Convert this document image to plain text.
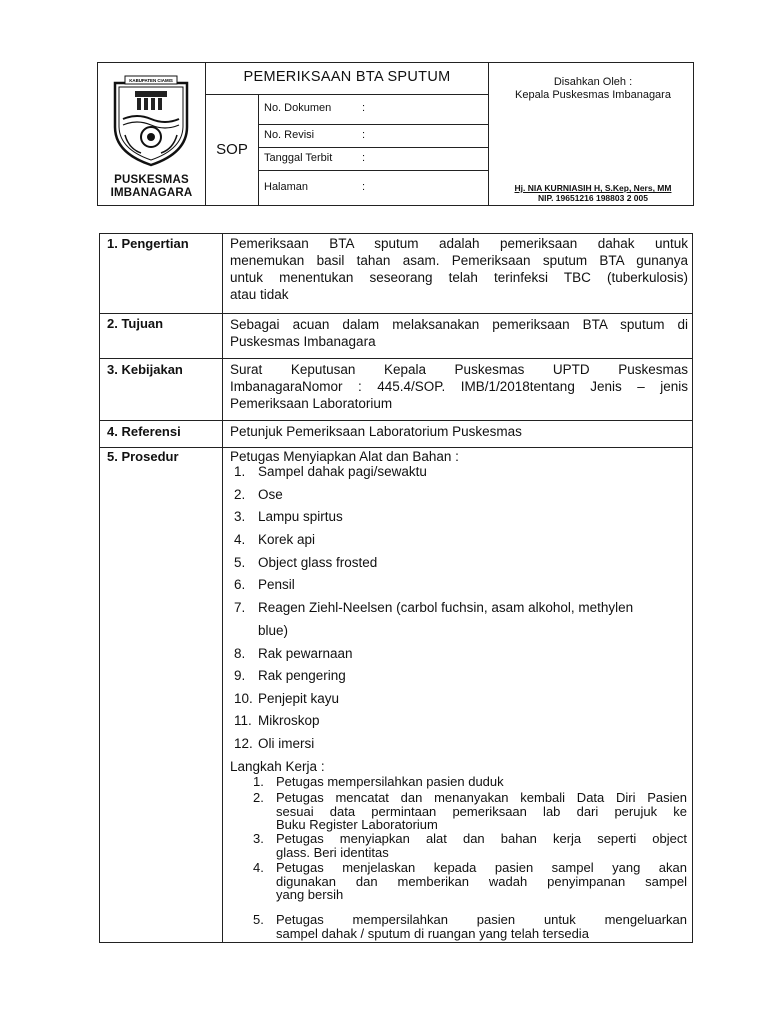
KABUPATEN CIAMIS
PUSKESMAS
IMBANAGARA
PEMERIKSAAN BTA SPUTUM
SOP
No. Dokumen	:
No. Revisi	:
Tanggal Terbit	:
Halaman	:
Disahkan Oleh :
Kepala Puskesmas Imbanagara
Hj. NIA KURNIASIH H, S.Kep, Ners, MM
NIP. 19651216 198803 2 005
1. Pengertian	Pemeriksaan BTA sputum adalah pemeriksaan dahak untuk
menemukan basil tahan asam. Pemeriksaan sputum BTA gunanya
untuk menentukan seseorang telah terinfeksi TBC (tuberkulosis)
atau tidak
2. Tujuan	Sebagai acuan dalam melaksanakan pemeriksaan BTA sputum di
Puskesmas Imbanagara
3. Kebijakan	Surat Keputusan Kepala Puskesmas UPTD Puskesmas
ImbanagaraNomor : 445.4/SOP. IMB/1/2018tentang Jenis – jenis
Pemeriksaan Laboratorium
4. Referensi	Petunjuk Pemeriksaan Laboratorium Puskesmas
5. Prosedur	Petugas Menyiapkan Alat dan Bahan :
1. Sampel dahak pagi/sewaktu
2. Ose
3. Lampu spirtus
4. Korek api
5. Object glass frosted
6. Pensil
7. Reagen Ziehl-Neelsen (carbol fuchsin, asam alkohol, methylen
blue)
8. Rak pewarnaan
9. Rak pengering
10. Penjepit kayu
11. Mikroskop
12. Oli imersi
Langkah Kerja :
1. Petugas mempersilahkan pasien duduk
2. Petugas mencatat dan menanyakan kembali Data Diri Pasien
sesuai data permintaan pemeriksaan lab dari perujuk ke
Buku Register Laboratorium
3. Petugas menyiapkan alat dan bahan kerja seperti object
glass. Beri identitas
4. Petugas menjelaskan kepada pasien sampel yang akan
digunakan dan memberikan wadah penyimpanan sampel
yang bersih
5. Petugas mempersilahkan pasien untuk mengeluarkan
sampel dahak / sputum di ruangan yang telah tersedia
